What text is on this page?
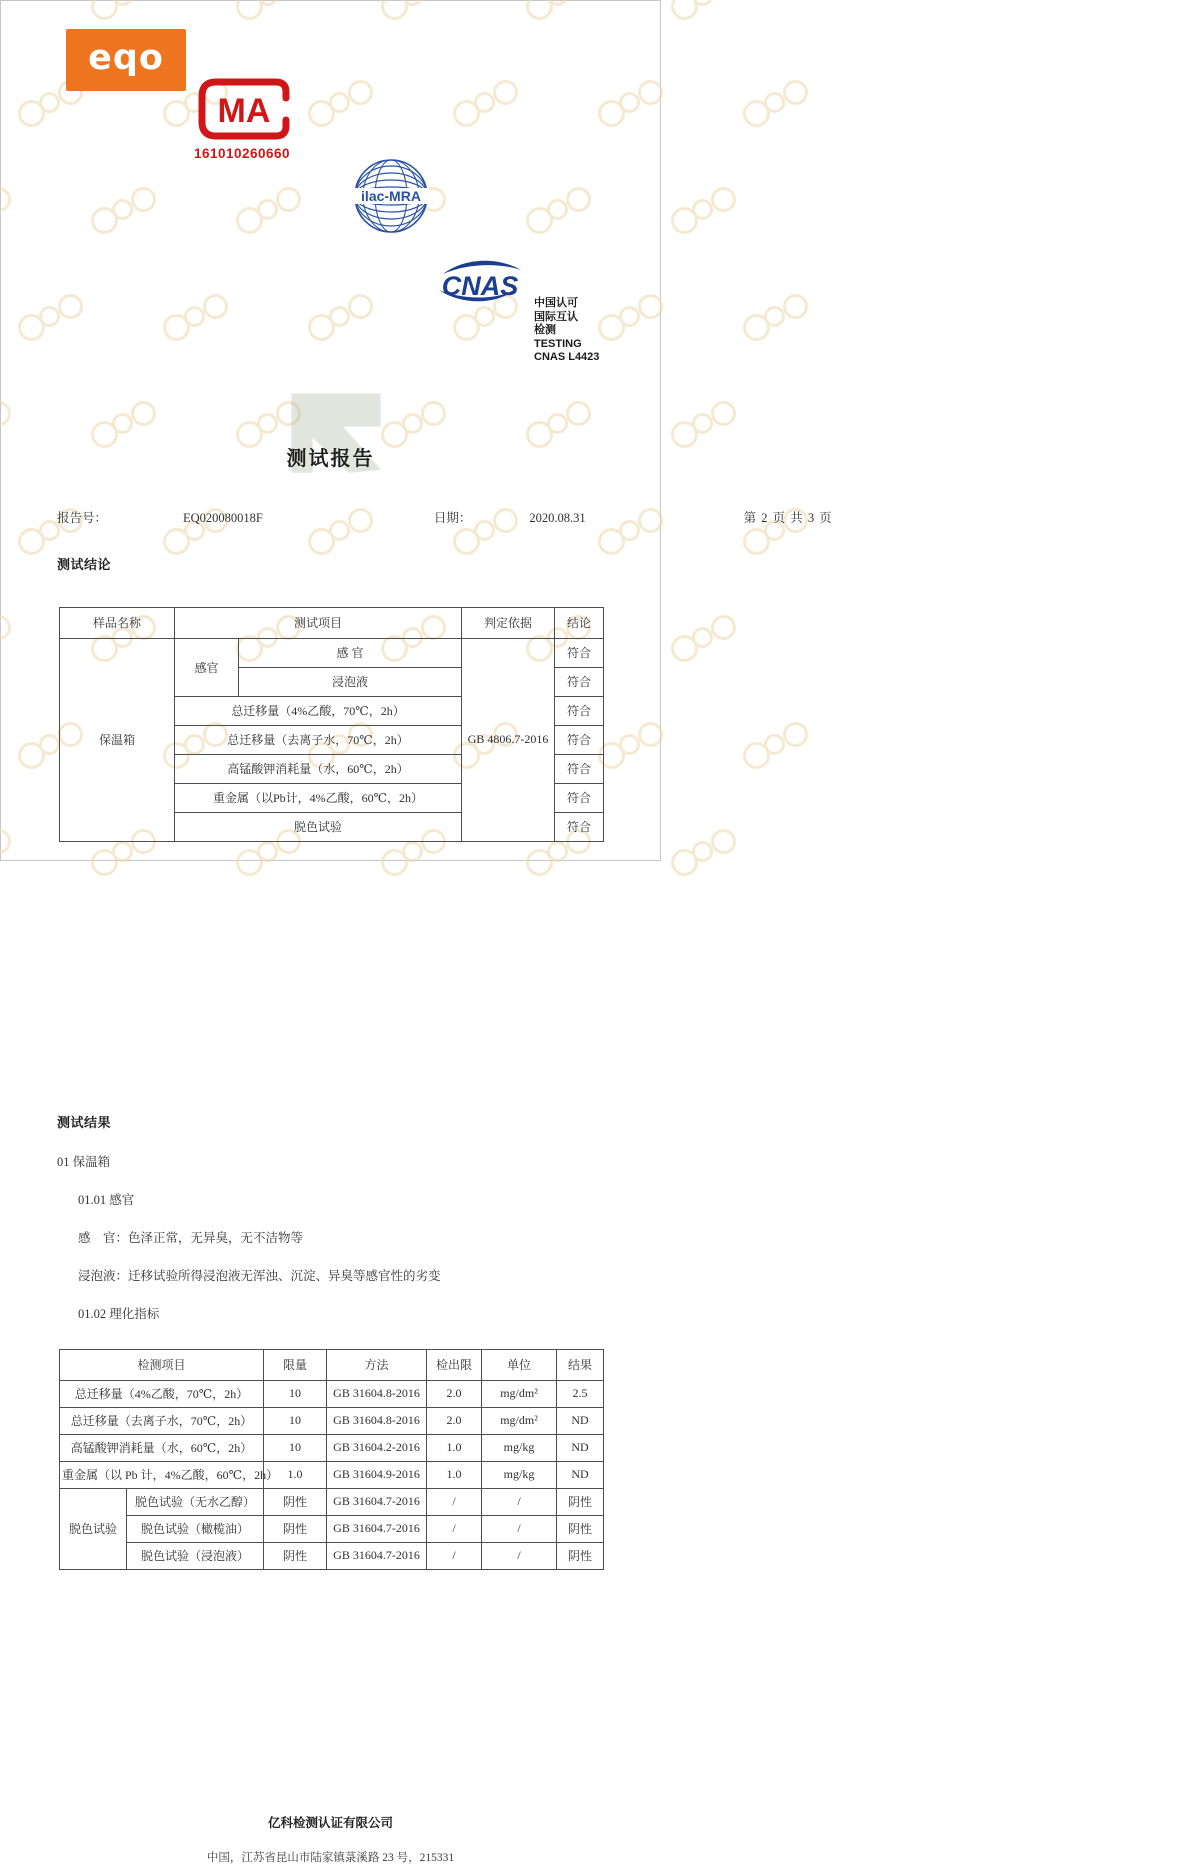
eqo
MA
161010260660
ilac-MRA
CNAS
中国认可
国际互认
检测
TESTING
CNAS L4423
测试报告
$_{报告号:}$	$_{EQ020080018F}$	$_{日期:}$	$_{2020.08.31}$	$_{第 2 页 共 3 页}$
测试结论
样品名称	测试项目		判定依据	结论
保温箱	感官	感 官	GB 4806.7-2016	符合
		浸泡液		符合
	总迁移量（4%乙酸，70℃，2h）			符合
	总迁移量（去离子水，70℃，2h）			符合
	高锰酸钾消耗量（水，60℃，2h）			符合
	重金属（以Pb计，4%乙酸，60℃，2h）			符合
	脱色试验			符合
测试结果
01 保温箱
01.01 感官
感　官：色泽正常，无异臭，无不洁物等
浸泡液：迁移试验所得浸泡液无浑浊、沉淀、异臭等感官性的劣变
01.02 理化指标
检测项目		限量	方法	检出限	单位	结果
总迁移量（4%乙酸，70℃，2h）		10	GB 31604.8-2016	2.0	mg/dm²	2.5
总迁移量（去离子水，70℃，2h）		10	GB 31604.8-2016	2.0	mg/dm²	ND
高锰酸钾消耗量（水，60℃，2h）		10	GB 31604.2-2016	1.0	mg/kg	ND
重金属（以 Pb 计，4%乙酸，60℃，2h）		1.0	GB 31604.9-2016	1.0	mg/kg	ND
脱色试验	脱色试验（无水乙醇）	阴性	GB 31604.7-2016	/	/	阴性
	脱色试验（橄榄油）	阴性	GB 31604.7-2016	/	/	阴性
	脱色试验（浸泡液）	阴性	GB 31604.7-2016	/	/	阴性
亿科检测认证有限公司
中国，江苏省昆山市陆家镇菉溪路 23 号，215331
